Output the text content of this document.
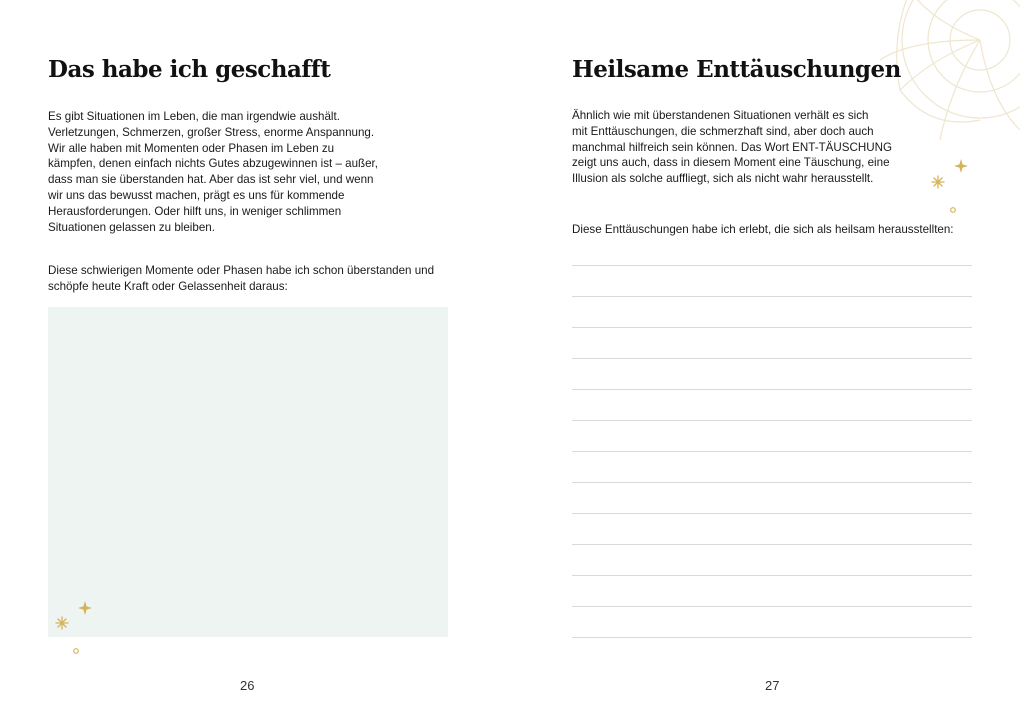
Das habe ich geschafft
Es gibt Situationen im Leben, die man irgendwie aushält.
Verletzungen, Schmerzen, großer Stress, enorme Anspannung.
Wir alle haben mit Momenten oder Phasen im Leben zu
kämpfen, denen einfach nichts Gutes abzugewinnen ist – außer,
dass man sie überstanden hat. Aber das ist sehr viel, und wenn
wir uns das bewusst machen, prägt es uns für kommende
Herausforderungen. Oder hilft uns, in weniger schlimmen
Situationen gelassen zu bleiben.
Diese schwierigen Momente oder Phasen habe ich schon überstanden und
schöpfe heute Kraft oder Gelassenheit daraus:
26
Heilsame Enttäuschungen
Ähnlich wie mit überstandenen Situationen verhält es sich
mit Enttäuschungen, die schmerzhaft sind, aber doch auch
manchmal hilfreich sein können. Das Wort ENT-TÄUSCHUNG
zeigt uns auch, dass in diesem Moment eine Täuschung, eine
Illusion als solche auffliegt, sich als nicht wahr herausstellt.
Diese Enttäuschungen habe ich erlebt, die sich als heilsam herausstellten:
27
